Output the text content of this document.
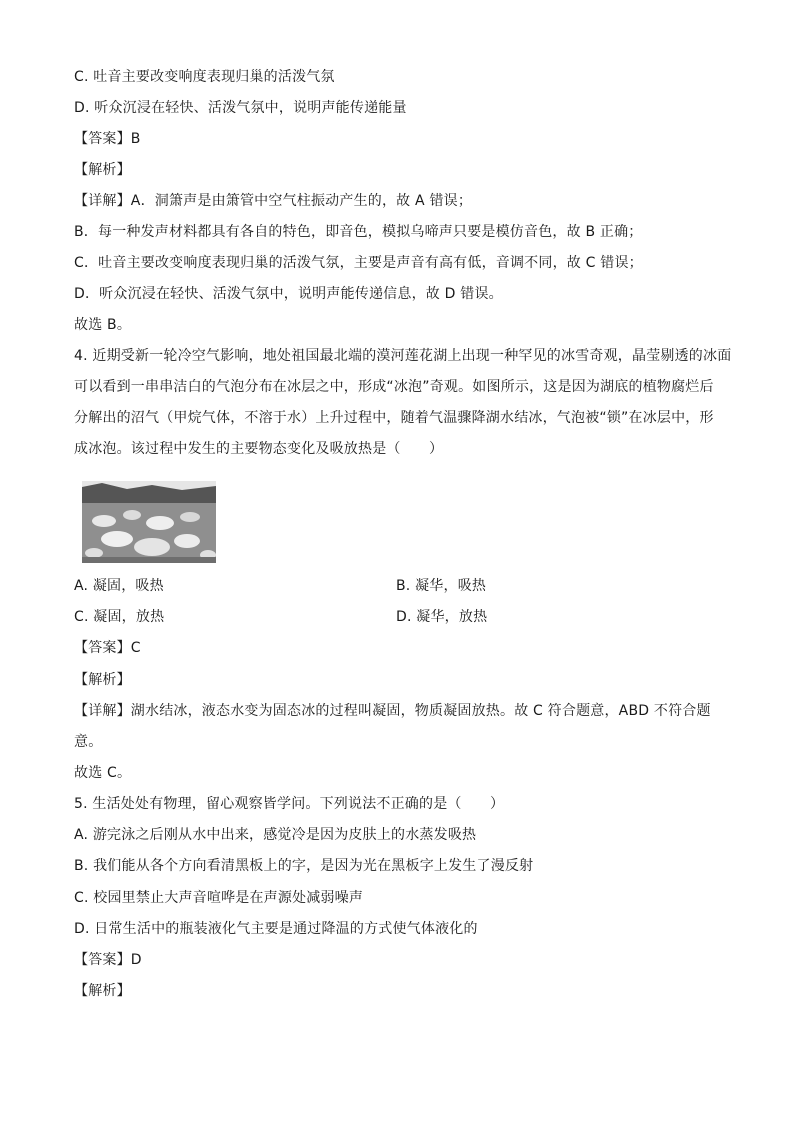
C. 吐音主要改变响度表现归巢的活泼气氛
D. 听众沉浸在轻快、活泼气氛中，说明声能传递能量
【答案】B
【解析】
【详解】A．洞箫声是由箫管中空气柱振动产生的，故 A 错误；
B．每一种发声材料都具有各自的特色，即音色，模拟乌啼声只要是模仿音色，故 B 正确；
C．吐音主要改变响度表现归巢的活泼气氛，主要是声音有高有低，音调不同，故 C 错误；
D．听众沉浸在轻快、活泼气氛中，说明声能传递信息，故 D 错误。
故选 B。
4. 近期受新一轮冷空气影响，地处祖国最北端的漠河莲花湖上出现一种罕见的冰雪奇观，晶莹剔透的冰面
可以看到一串串洁白的气泡分布在冰层之中，形成“冰泡”奇观。如图所示，这是因为湖底的植物腐烂后
分解出的沼气（甲烷气体，不溶于水）上升过程中，随着气温骤降湖水结冰，气泡被“锁”在冰层中，形
成冰泡。该过程中发生的主要物态变化及吸放热是（　　）
A. 凝固，吸热	B. 凝华，吸热
C. 凝固，放热	D. 凝华，放热
【答案】C
【解析】
【详解】湖水结冰，液态水变为固态冰的过程叫凝固，物质凝固放热。故 C 符合题意，ABD 不符合题
意。
故选 C。
5. 生活处处有物理，留心观察皆学问。下列说法不正确的是（　　）
A. 游完泳之后刚从水中出来，感觉冷是因为皮肤上的水蒸发吸热
B. 我们能从各个方向看清黑板上的字，是因为光在黑板字上发生了漫反射
C. 校园里禁止大声音喧哗是在声源处减弱噪声
D. 日常生活中的瓶装液化气主要是通过降温的方式使气体液化的
【答案】D
【解析】
